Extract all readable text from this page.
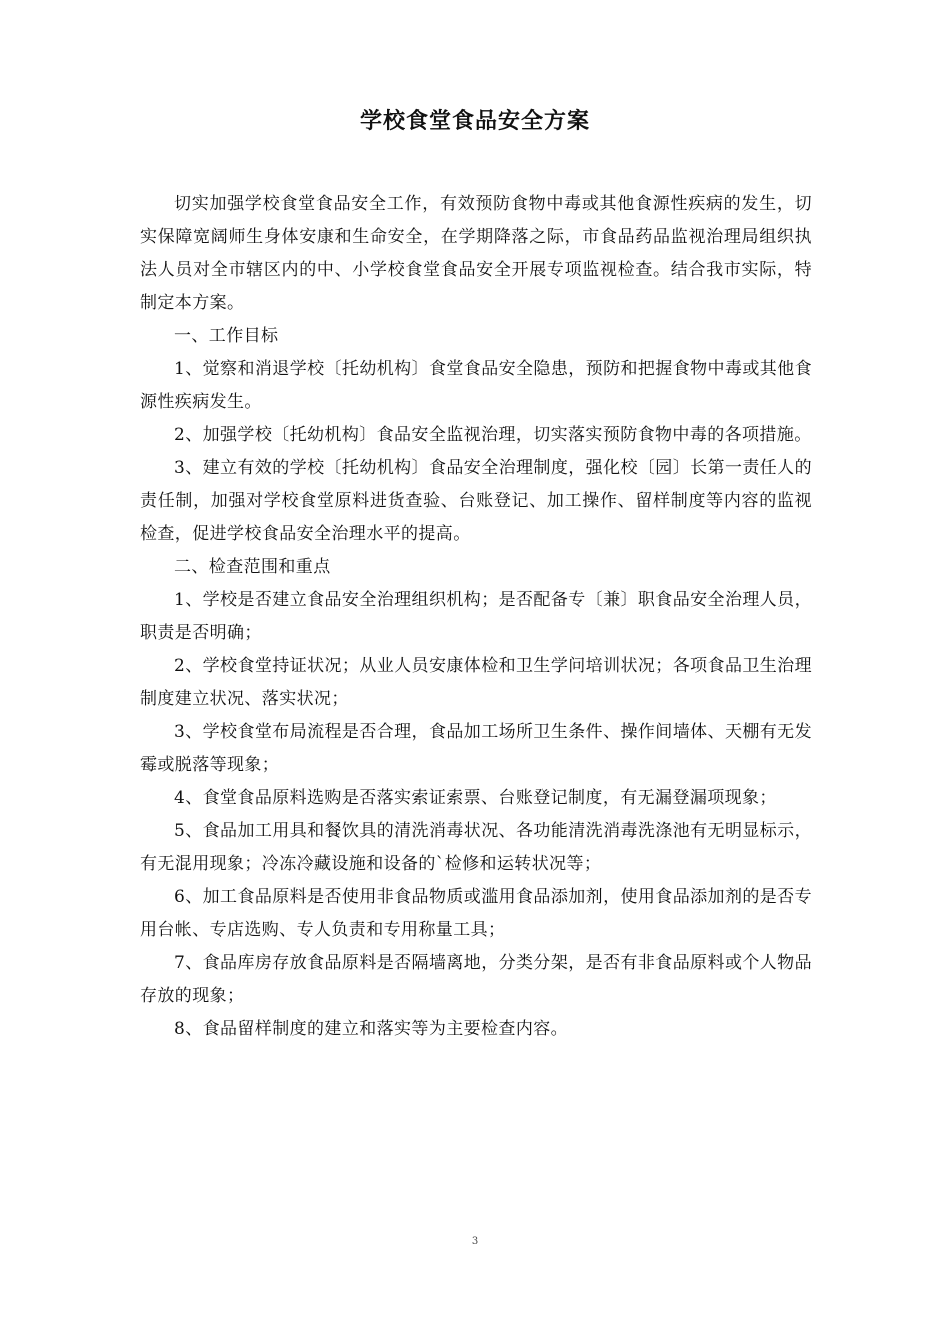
学校食堂食品安全方案

切实加强学校食堂食品安全工作，有效预防食物中毒或其他食源性疾病的发生，切实保障宽阔师生身体安康和生命安全，在学期降落之际，市食品药品监视治理局组织执法人员对全市辖区内的中、小学校食堂食品安全开展专项监视检查。结合我市实际，特制定本方案。

一、工作目标

1、觉察和消退学校〔托幼机构〕食堂食品安全隐患，预防和把握食物中毒或其他食源性疾病发生。

2、加强学校〔托幼机构〕食品安全监视治理，切实落实预防食物中毒的各项措施。

3、建立有效的学校〔托幼机构〕食品安全治理制度，强化校〔园〕长第一责任人的责任制，加强对学校食堂原料进货查验、台账登记、加工操作、留样制度等内容的监视检查，促进学校食品安全治理水平的提高。

二、检查范围和重点

1、学校是否建立食品安全治理组织机构；是否配备专〔兼〕职食品安全治理人员，职责是否明确；

2、学校食堂持证状况；从业人员安康体检和卫生学问培训状况；各项食品卫生治理制度建立状况、落实状况；

3、学校食堂布局流程是否合理，食品加工场所卫生条件、操作间墙体、天棚有无发霉或脱落等现象；

4、食堂食品原料选购是否落实索证索票、台账登记制度，有无漏登漏项现象；

5、食品加工用具和餐饮具的清洗消毒状况、各功能清洗消毒洗涤池有无明显标示，有无混用现象；冷冻冷藏设施和设备的`检修和运转状况等；

6、加工食品原料是否使用非食品物质或滥用食品添加剂，使用食品添加剂的是否专用台帐、专店选购、专人负责和专用称量工具；

7、食品库房存放食品原料是否隔墙离地，分类分架，是否有非食品原料或个人物品存放的现象；

8、食品留样制度的建立和落实等为主要检查内容。

3
